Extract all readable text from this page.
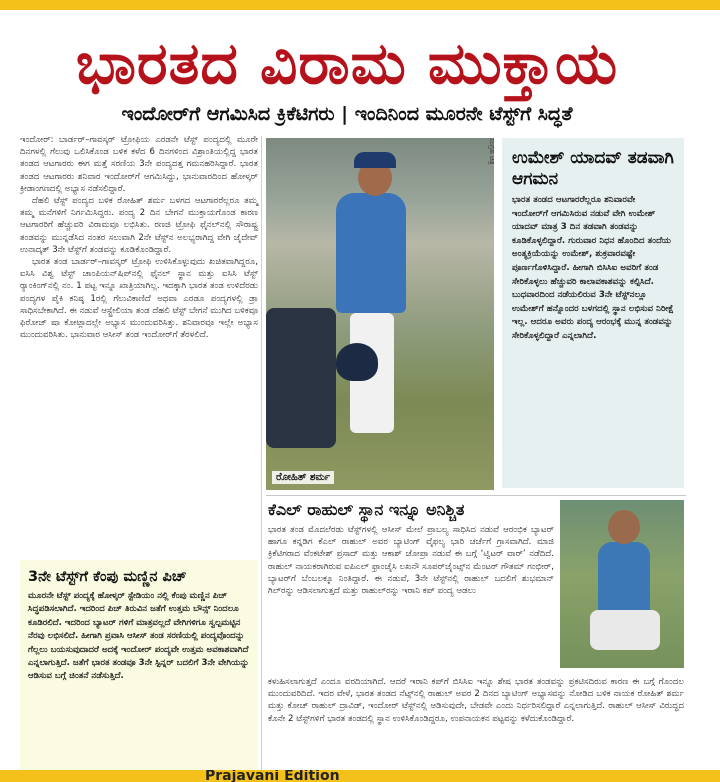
ಭಾರತದ ವಿರಾಮ ಮುಕ್ತಾಯ
ಇಂದೋರ್‌ಗೆ ಆಗಮಿಸಿದ ಕ್ರಿಕೆಟಿಗರು | ಇಂದಿನಿಂದ ಮೂರನೇ ಟೆಸ್ಟ್‌ಗೆ ಸಿದ್ಧತೆ

ಇಂದೋರ್: ಬಾರ್ಡರ್–ಗಾವಸ್ಕರ್ ಟ್ರೋಫಿಯ ಎರಡನೇ ಟೆಸ್ಟ್ ಪಂದ್ಯದಲ್ಲಿ ಮೂರೇ ದಿನಗಳಲ್ಲಿ ಗೆಲುವು ಒಲಿಸಿಕೊಂಡ ಬಳಿಕ ಕಳೆದ 6 ದಿನಗಳಿಂದ ವಿಶ್ರಾಂತಿಯಲ್ಲಿದ್ದ ಭಾರತ ತಂಡದ ಆಟಗಾರರು ಈಗ ಮತ್ತೆ ಸರಣಿಯ 3ನೇ ಪಂದ್ಯದತ್ತ ಗಮನಹರಿಸಿದ್ದಾರೆ. ಭಾರತ ತಂಡದ ಆಟಗಾರರು ಶನಿವಾರ ಇಂದೋರ್‌ಗೆ ಆಗಮಿಸಿದ್ದು, ಭಾನುವಾರದಿಂದ ಹೋಳ್ಕರ್ ಕ್ರೀಡಾಂಗಣದಲ್ಲಿ ಅಭ್ಯಾಸ ನಡೆಸಲಿದ್ದಾರೆ.

ದೆಹಲಿ ಟೆಸ್ಟ್ ಪಂದ್ಯದ ಬಳಿಕ ರೋಹಿತ್ ಶರ್ಮ ಬಳಗದ ಆಟಗಾರರೆಲ್ಲರೂ ತಮ್ಮ ತಮ್ಮ ಮನೆಗಳಿಗೆ ನಿರ್ಗಮಿಸಿದ್ದರು. ಪಂದ್ಯ 2 ದಿನ ಬೇಗನೆ ಮುಕ್ತಾಯಗೊಂಡ ಕಾರಣ ಆಟಗಾರರಿಗೆ ಹೆಚ್ಚುವರಿ ವಿರಾಮವೂ ಲಭಿಸಿತು. ರಣಜಿ ಟ್ರೋಫಿ ಫೈನಲ್‌ನಲ್ಲಿ ಸೌರಾಷ್ಟ್ರ ತಂಡವನ್ನು ಮುನ್ನಡೆಸಿದ ನಂತರ ಸಲುವಾಗಿ 2ನೇ ಟೆಸ್ಟ್‌ನ ಅಲಭ್ಯರಾಗಿದ್ದ ವೇಗಿ ಜೈದೇವ್ ಉನಾದ್ಕತ್ 3ನೇ ಟೆಸ್ಟ್‌ಗೆ ತಂಡವನ್ನು ಕೂಡಿಕೊಂಡಿದ್ದಾರೆ.

ಭಾರತ ತಂಡ ಬಾರ್ಡರ್–ಗಾವಸ್ಕರ್ ಟ್ರೋಫಿ ಉಳಿಸಿಕೊಳ್ಳುವುದು ಖಚಿತವಾಗಿದ್ದರೂ, ಐಸಿಸಿ ವಿಶ್ವ ಟೆಸ್ಟ್ ಚಾಂಪಿಯನ್‌ಷಿಪ್‌ನಲ್ಲಿ ಫೈನಲ್ ಸ್ಥಾನ ಮತ್ತು ಐಸಿಸಿ ಟೆಸ್ಟ್ ರ್‍ಯಾಂಕಿಂಗ್‌ನಲ್ಲಿ ನಂ. 1 ಪಟ್ಟ ಇನ್ನೂ ಖಾತ್ರಿಯಾಗಿಲ್ಲ. ಇದಕ್ಕಾಗಿ ಭಾರತ ತಂಡ ಉಳಿದೆರಡು ಪಂದ್ಯಗಳ ಪೈಕಿ ಕನಿಷ್ಠ 1ರಲ್ಲಿ ಗೆಲುವಿಕಾಣಿದೆ ಅಥವಾ ಎರಡೂ ಪಂದ್ಯಗಳಲ್ಲಿ ಡ್ರಾ ಸಾಧಿಸಬೇಕಾಗಿದೆ. ಈ ನಡುವೆ ಆಸ್ಟ್ರೇಲಿಯಾ ತಂಡ ದೆಹಲಿ ಟೆಸ್ಟ್ ಬೇಗನೆ ಮುಗಿದ ಬಳಿಕವೂ ಫಿರೋಜ್ ಷಾ ಕೋಟ್ಲಾದಲ್ಲೇ ಅಭ್ಯಾಸ ಮುಂದುವರಿಸಿತ್ತು. ಶನಿವಾರವೂ ಇಲ್ಲೇ ಅಭ್ಯಾಸ ಮುಂದುವರಿಸಿತು. ಭಾನುವಾರ ಆಸೀಸ್ ತಂಡ ಇಂದೋರ್‌ಗೆ ತೆರಳಲಿದೆ.

ರೋಹಿತ್ ಶರ್ಮ
ಸಂಗ್ರಹ ಚಿತ್ರ ಉಮೇಶ್ ಯಾದವ್ ತಡವಾಗಿ ಆಗಮನ
ಭಾರತ ತಂಡದ ಆಟಗಾರರೆಲ್ಲರೂ ಶನಿವಾರವೇ ಇಂದೋರ್‌ಗೆ ಆಗಮಿಸಿರುವ ನಡುವೆ ವೇಗಿ ಉಮೇಶ್ ಯಾದವ್ ಮಾತ್ರ 3 ದಿನ ತಡವಾಗಿ ತಂಡವನ್ನು ಕೂಡಿಕೊಳ್ಳಲಿದ್ದಾರೆ. ಗುರುವಾರ ನಿಧನ ಹೊಂದಿದ ತಂದೆಯ ಅಂತ್ಯಕ್ರಿಯೆಯನ್ನು ಉಮೇಶ್, ಶುಕ್ರವಾರವಷ್ಟೇ ಪೂರ್ಣಗೊಳಿಸಿದ್ದಾರೆ. ಹೀಗಾಗಿ ಬಿಸಿಸಿಐ ಅವರಿಗೆ ತಂಡ ಸೇರಿಕೊಳ್ಳಲು ಹೆಚ್ಚುವರಿ ಕಾಲಾವಕಾಶವನ್ನು ಕಲ್ಪಿಸಿದೆ. ಬುಧವಾರದಿಂದ ನಡೆಯಲಿರುವ 3ನೇ ಟೆಸ್ಟ್‌ನಲ್ಲೂ ಉಮೇಶ್‌ಗೆ ಹನ್ನೊಂದರ ಬಳಗದಲ್ಲಿ ಸ್ಥಾನ ಲಭಿಸುವ ನಿರೀಕ್ಷೆ ಇಲ್ಲ. ಆದರೂ ಅವರು ಪಂದ್ಯ ಆರಂಭಕ್ಕೆ ಮುನ್ನ ತಂಡವನ್ನು ಸೇರಿಕೊಳ್ಳಲಿದ್ದಾರೆ ಎನ್ನಲಾಗಿದೆ.
ಕೆಎಲ್ ರಾಹುಲ್ ಸ್ಥಾನ ಇನ್ನೂ ಅನಿಶ್ಚಿತ

ಭಾರತ ತಂಡ ಮೊದಲೆರಡು ಟೆಸ್ಟ್‌ಗಳಲ್ಲಿ ಆಸೀಸ್ ಮೇಲೆ ಪ್ರಾಬಲ್ಯ ಸಾಧಿಸಿದ ನಡುವೆ ಆರಂಭಿಕ ಬ್ಯಾಟರ್ ಹಾಗೂ ಕನ್ನಡಿಗ ಕೆಎಲ್ ರಾಹುಲ್ ಅವರ ಬ್ಯಾಟಿಂಗ್ ವೈಫಲ್ಯ ಭಾರಿ ಚರ್ಚೆಗೆ ಗ್ರಾಸವಾಗಿದೆ. ಮಾಜಿ ಕ್ರಿಕೆಟಿಗರಾದ ವೆಂಕಟೇಶ್ ಪ್ರಸಾದ್ ಮತ್ತು ಆಕಾಶ್ ಚೋಪ್ರಾ ನಡುವೆ ಈ ಬಗ್ಗೆ ‘ಟ್ವಿಟರ್ ವಾರ್’ ನಡೆದಿದೆ. ರಾಹುಲ್ ನಾಯಕರಾಗಿರುವ ಐಪಿಎಲ್ ಫ್ರಾಂಚೈಸಿ ಲಖನೌ ಸೂಪರ್‌ಜೈಂಟ್ಸ್‌ನ ಮೆಂಟರ್ ಗೌತಮ್ ಗಂಭೀರ್, ಬ್ಯಾಟರ್‌ಗೆ ಬೆಂಬಲಕ್ಕೂ ನಿಂತಿದ್ದಾರೆ. ಈ ನಡುವೆ, 3ನೇ ಟೆಸ್ಟ್‌ನಲ್ಲಿ ರಾಹುಲ್ ಬದಲಿಗೆ ಶುಭಮಾನ್ ಗಿಲ್‌ರನ್ನು ಆಡಿಸಲಾಗುತ್ತದೆ ಮತ್ತು ರಾಹುಲ್‌ರನ್ನು ಇರಾನಿ ಕಪ್ ಪಂದ್ಯ ಆಡಲು

ಕಳುಹಿಸಲಾಗುತ್ತದೆ ಎಂದೂ ವರದಿಯಾಗಿದೆ. ಆದರೆ ಇರಾನಿ ಕಪ್‌ಗೆ ಬಿಸಿಸಿಐ ಇನ್ನೂ ಶೇಷ ಭಾರತ ತಂಡವನ್ನು ಪ್ರಕಟಿಸದಿರುವ ಕಾರಣ ಈ ಬಗ್ಗೆ ಗೊಂದಲ ಮುಂದುವರಿದಿದೆ. ಇದರ ವೇಳೆ, ಭಾರತ ತಂಡದ ನೆಟ್ಸ್‌ನಲ್ಲಿ ರಾಹುಲ್ ಅವರ 2 ದಿನದ ಬ್ಯಾಟಿಂಗ್ ಅಭ್ಯಾಸವನ್ನು ನೋಡಿದ ಬಳಿಕ ನಾಯಕ ರೋಹಿತ್ ಶರ್ಮ ಮತ್ತು ಕೋಚ್ ರಾಹುಲ್ ದ್ರಾವಿಡ್, ಇಂದೋರ್ ಟೆಸ್ಟ್‌ನಲ್ಲಿ ಆಡಿಸುವುದೇ, ಬೇಡವೇ ಎಂದು ನಿರ್ಧರಿಸಲಿದ್ದಾರೆ ಎನ್ನಲಾಗುತ್ತಿದೆ. ರಾಹುಲ್ ಆಸೀಸ್ ವಿರುದ್ಧದ ಕೊನೇ 2 ಟೆಸ್ಟ್‌ಗಳಿಗೆ ಭಾರತ ತಂಡದಲ್ಲಿ ಸ್ಥಾನ ಉಳಿಸಿಕೊಂಡಿದ್ದರೂ, ಉಪನಾಯಕನ ಪಟ್ಟವನ್ನು ಕಳೆದುಕೊಂಡಿದ್ದಾರೆ.

3ನೇ ಟೆಸ್ಟ್‌ಗೆ ಕೆಂಪು ಮಣ್ಣಿನ ಪಿಚ್
ಮೂರನೇ ಟೆಸ್ಟ್ ಪಂದ್ಯಕ್ಕೆ ಹೋಳ್ಕರ್ ಸ್ಟೇಡಿಯಂ ನಲ್ಲಿ ಕೆಂಪು ಮಣ್ಣಿನ ಪಿಚ್ ಸಿದ್ಧಪಡಿಸಲಾಗಿದೆ. ಇದರಿಂದ ಪಿಚ್ ತಿರುವಿನ ಜತೆಗೆ ಉತ್ತಮ ಬೌನ್ಸ್ ನಿಂದಲೂ ಕೂಡಿರಲಿದೆ. ಇದರಿಂದ ಬ್ಯಾಟರ್ ಗಳಿಗೆ ಮಾತ್ರವಲ್ಲದೆ ವೇಗಿಗಳಿಗೂ ಸ್ವಲ್ಪಮಟ್ಟಿನ ನೆರವು ಲಭಿಸಲಿದೆ. ಹೀಗಾಗಿ ಪ್ರವಾಸಿ ಆಸೀಸ್ ತಂಡ ಸರಣಿಯಲ್ಲಿ ಪಂದ್ಯವೊಂದನ್ನು ಗೆಲ್ಲಲು ಬಯಸುವುದಾದರೆ ಅದಕ್ಕೆ ಇಂದೋರ್ ಪಂದ್ಯವೇ ಉತ್ತಮ ಅವಕಾಶವಾಗಿದೆ ಎನ್ನಲಾಗುತ್ತಿದೆ. ಜತೆಗೆ ಭಾರತ ತಂಡವೂ 3ನೇ ಸ್ಪಿನ್ನರ್ ಬದಲಿಗೆ 3ನೇ ವೇಗಿಯನ್ನು ಆಡಿಸುವ ಬಗ್ಗೆ ಚಿಂತನೆ ನಡೆಸುತ್ತಿದೆ.
Prajavani Edition
